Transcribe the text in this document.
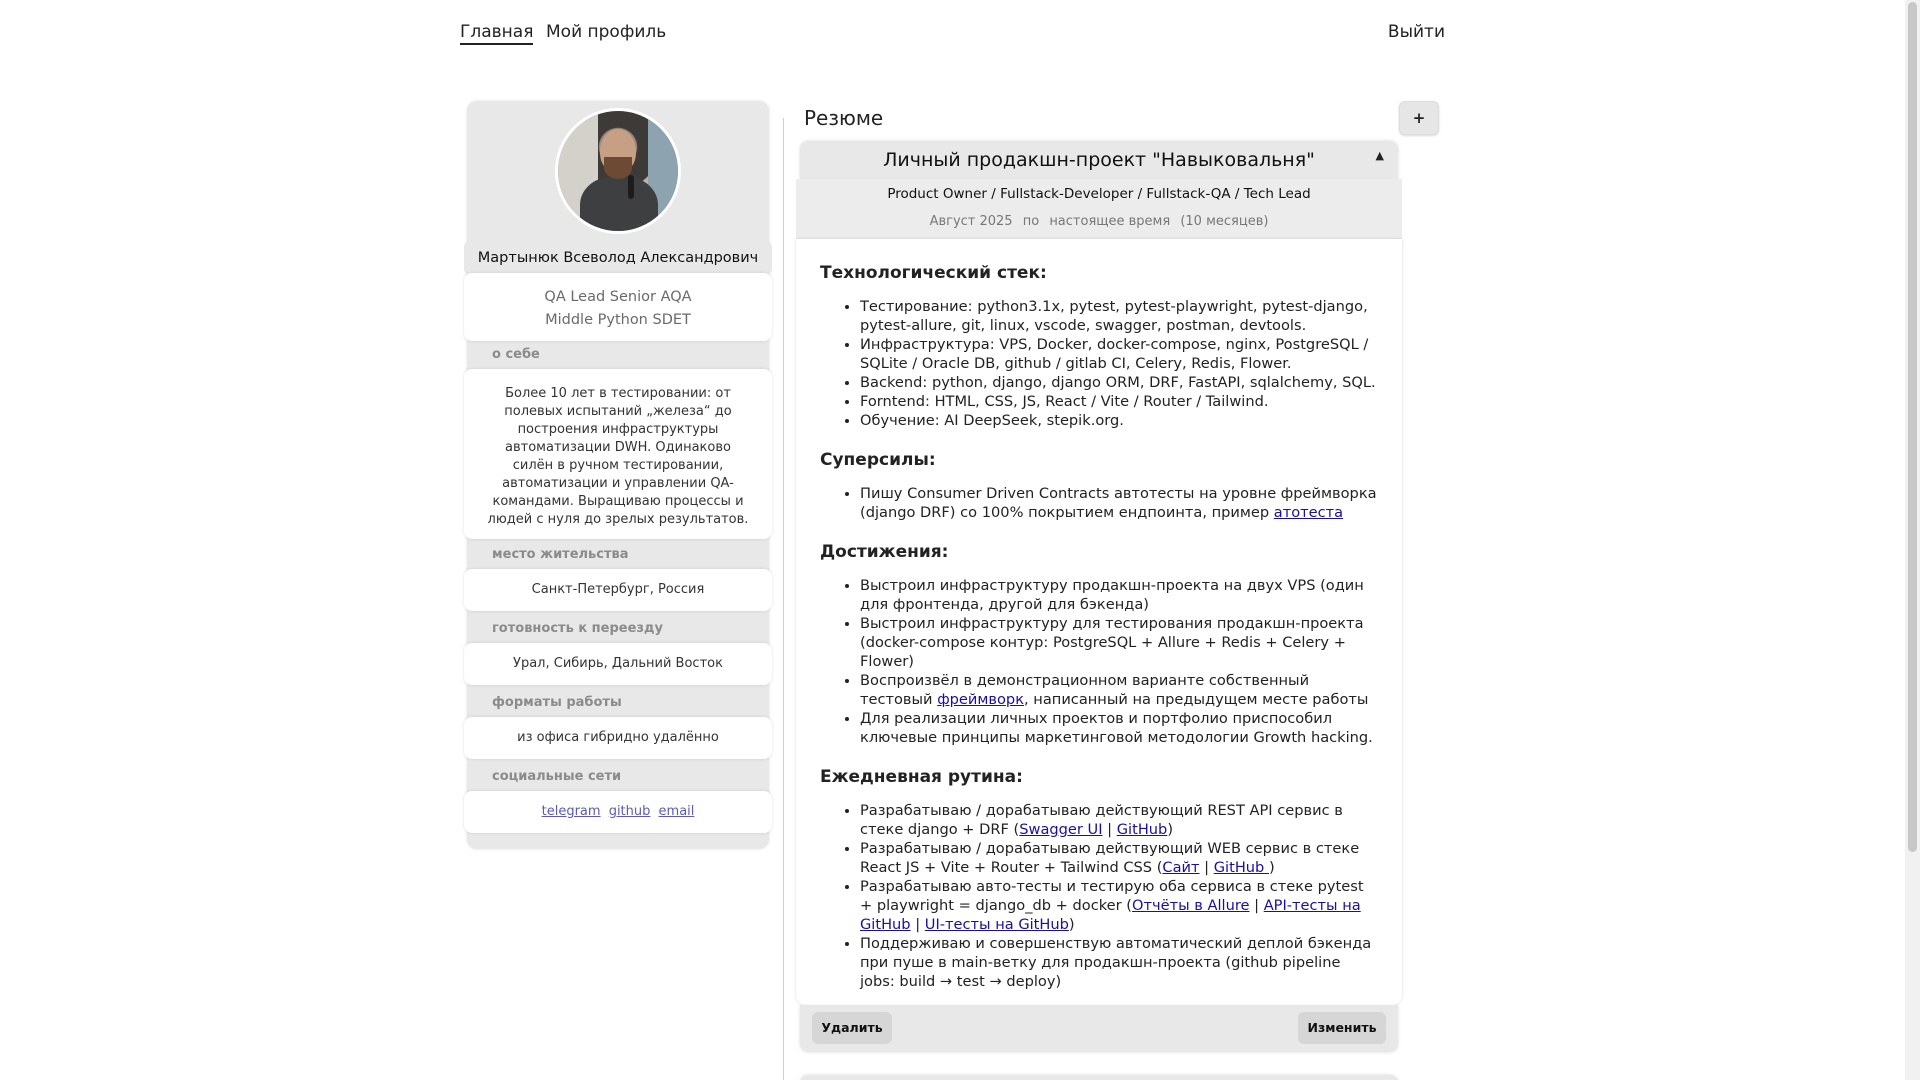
Главная Мой профиль	Выйти
Мартынюк Всеволод Александрович
QA Lead Senior AQA
Middle Python SDET
о себе
Более 10 лет в тестировании: от полевых испытаний „железа“ до построения инфраструктуры автоматизации DWH. Одинаково силён в ручном тестировании, автоматизации и управлении QA-командами. Выращиваю процессы и людей с нуля до зрелых результатов.
место жительства
Санкт-Петербург, Россия
готовность к переезду
Урал, Сибирь, Дальний Восток
форматы работы
из офиса гибридно удалённо
социальные сети
telegram github email
Резюме	+
Личный продакшн-проект "Навыковальня"	▲
Product Owner / Fullstack-Developer / Fullstack-QA / Tech Lead
Август 2025 по настоящее время (10 месяцев)
Технологический стек:
• Тестирование: python3.1x, pytest, pytest-playwright, pytest-django, pytest-allure, git, linux, vscode, swagger, postman, devtools.
• Инфраструктура: VPS, Docker, docker-compose, nginx, PostgreSQL / SQLite / Oracle DB, github / gitlab CI, Celery, Redis, Flower.
• Backend: python, django, django ORM, DRF, FastAPI, sqlalchemy, SQL.
• Forntend: HTML, CSS, JS, React / Vite / Router / Tailwind.
• Обучение: AI DeepSeek, stepik.org.
Суперсилы:
• Пишу Consumer Driven Contracts автотесты на уровне фреймворка (django DRF) со 100% покрытием ендпоинта, пример атотеста
Достижения:
• Выстроил инфраструктуру продакшн-проекта на двух VPS (один для фронтенда, другой для бэкенда)
• Выстроил инфраструктуру для тестирования продакшн-проекта (docker-compose контур: PostgreSQL + Allure + Redis + Celery + Flower)
• Воспроизвёл в демонстрационном варианте собственный тестовый фреймворк, написанный на предыдущем месте работы
• Для реализации личных проектов и портфолио приспособил ключевые принципы маркетинговой методологии Growth hacking.
Ежедневная рутина:
• Разрабатываю / дорабатываю действующий REST API сервис в стеке django + DRF (Swagger UI | GitHub)
• Разрабатываю / дорабатываю действующий WEB сервис в стеке React JS + Vite + Router + Tailwind CSS (Сайт | GitHub )
• Разрабатываю авто-тесты и тестирую оба сервиса в стеке pytest + playwright = django_db + docker (Отчёты в Allure | API-тесты на GitHub | UI-тесты на GitHub)
• Поддерживаю и совершенствую автоматический деплой бэкенда при пуше в main-ветку для продакшн-проекта (github pipeline jobs: build → test → deploy)
Удалить	Изменить
